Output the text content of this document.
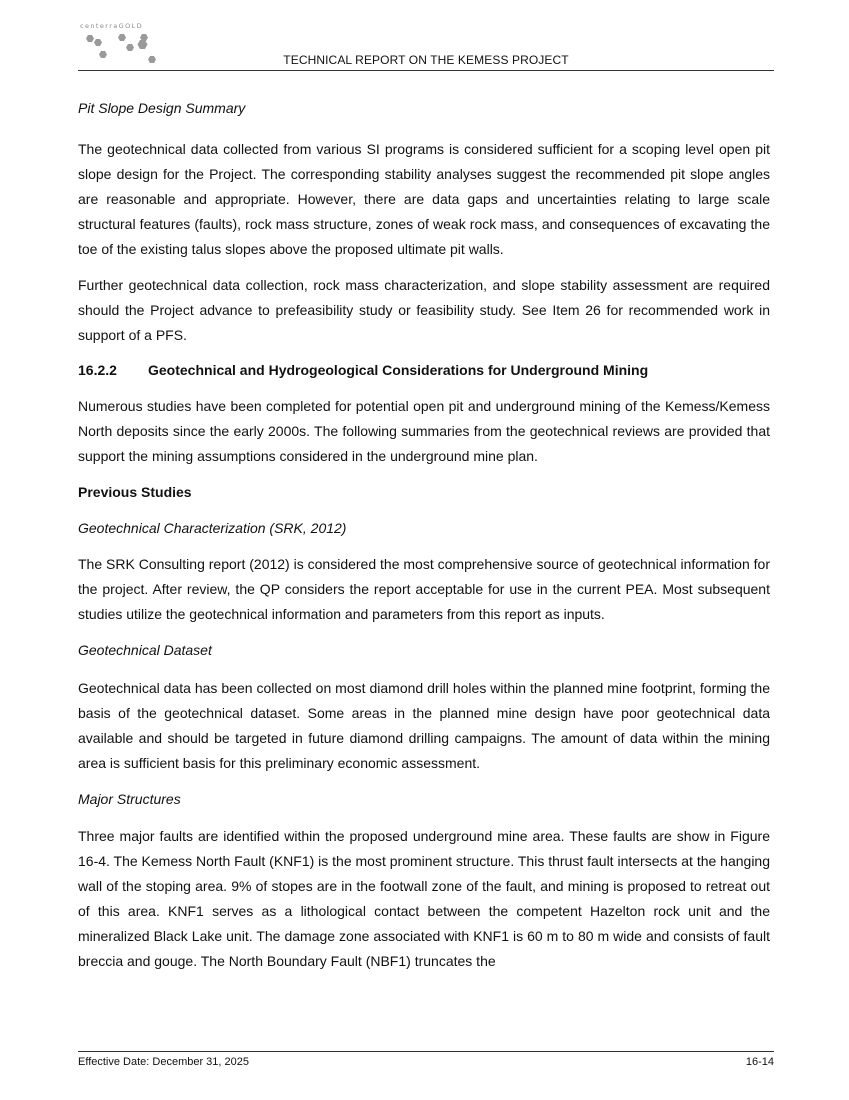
centerraGOLD
TECHNICAL REPORT ON THE KEMESS PROJECT

Pit Slope Design Summary

The geotechnical data collected from various SI programs is considered sufficient for a scoping level open pit slope design for the Project. The corresponding stability analyses suggest the recommended pit slope angles are reasonable and appropriate. However, there are data gaps and uncertainties relating to large scale structural features (faults), rock mass structure, zones of weak rock mass, and consequences of excavating the toe of the existing talus slopes above the proposed ultimate pit walls.

Further geotechnical data collection, rock mass characterization, and slope stability assessment are required should the Project advance to prefeasibility study or feasibility study. See Item 26 for recommended work in support of a PFS.

16.2.2 Geotechnical and Hydrogeological Considerations for Underground Mining

Numerous studies have been completed for potential open pit and underground mining of the Kemess/Kemess North deposits since the early 2000s. The following summaries from the geotechnical reviews are provided that support the mining assumptions considered in the underground mine plan.

Previous Studies

Geotechnical Characterization (SRK, 2012)

The SRK Consulting report (2012) is considered the most comprehensive source of geotechnical information for the project. After review, the QP considers the report acceptable for use in the current PEA. Most subsequent studies utilize the geotechnical information and parameters from this report as inputs.

Geotechnical Dataset

Geotechnical data has been collected on most diamond drill holes within the planned mine footprint, forming the basis of the geotechnical dataset. Some areas in the planned mine design have poor geotechnical data available and should be targeted in future diamond drilling campaigns. The amount of data within the mining area is sufficient basis for this preliminary economic assessment.

Major Structures

Three major faults are identified within the proposed underground mine area. These faults are show in Figure 16-4. The Kemess North Fault (KNF1) is the most prominent structure. This thrust fault intersects at the hanging wall of the stoping area. 9% of stopes are in the footwall zone of the fault, and mining is proposed to retreat out of this area. KNF1 serves as a lithological contact between the competent Hazelton rock unit and the mineralized Black Lake unit. The damage zone associated with KNF1 is 60 m to 80 m wide and consists of fault breccia and gouge. The North Boundary Fault (NBF1) truncates the

Effective Date: December 31, 2025	16-14
